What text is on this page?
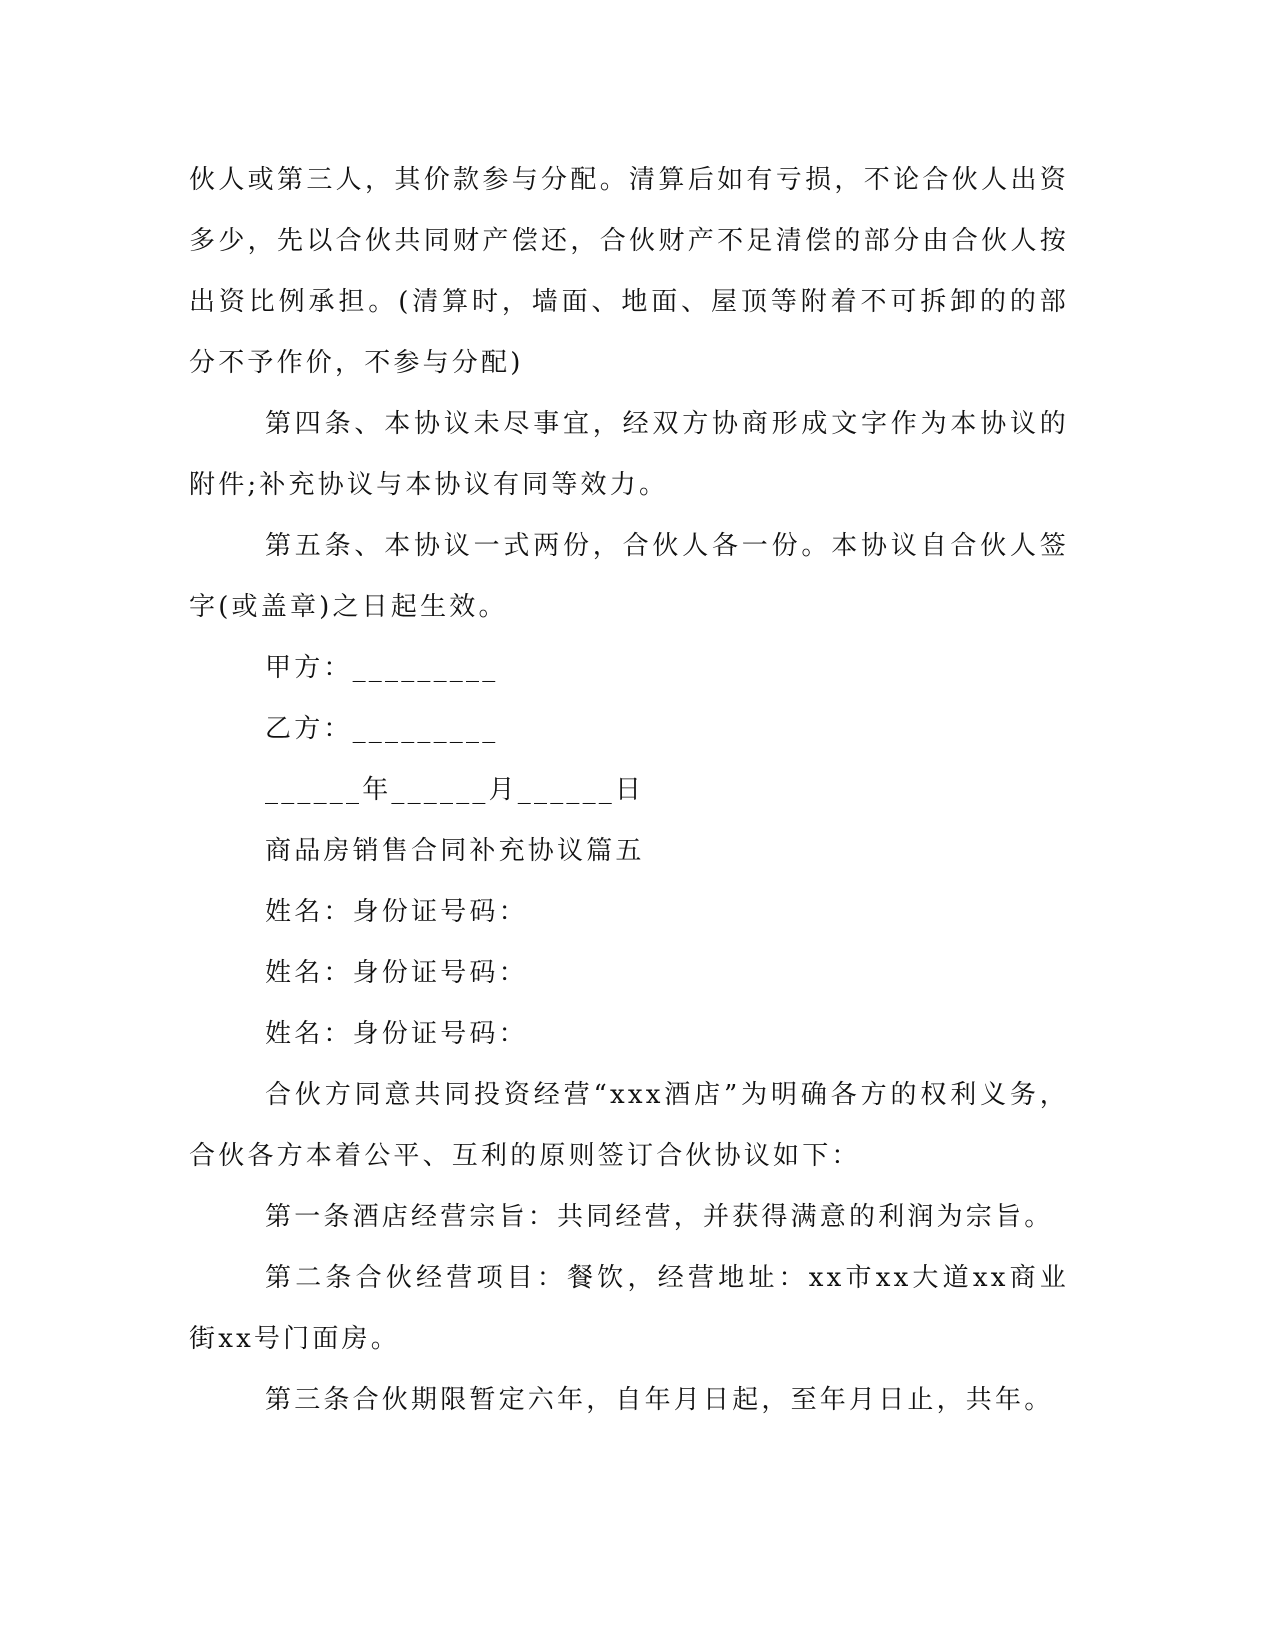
伙人或第三人，其价款参与分配。清算后如有亏损，不论合伙人出资多少，先以合伙共同财产偿还，合伙财产不足清偿的部分由合伙人按出资比例承担。(清算时，墙面、地面、屋顶等附着不可拆卸的的部分不予作价，不参与分配)

第四条、本协议未尽事宜，经双方协商形成文字作为本协议的附件;补充协议与本协议有同等效力。

第五条、本协议一式两份，合伙人各一份。本协议自合伙人签字(或盖章)之日起生效。

甲方：_________

乙方：_________

______年______月______日

商品房销售合同补充协议篇五

姓名：身份证号码：

姓名：身份证号码：

姓名：身份证号码：

合伙方同意共同投资经营“xxx酒店”为明确各方的权利义务，合伙各方本着公平、互利的原则签订合伙协议如下：

第一条酒店经营宗旨：共同经营，并获得满意的利润为宗旨。

第二条合伙经营项目：餐饮，经营地址：xx市xx大道xx商业街xx号门面房。

第三条合伙期限暂定六年，自年月日起，至年月日止，共年。
